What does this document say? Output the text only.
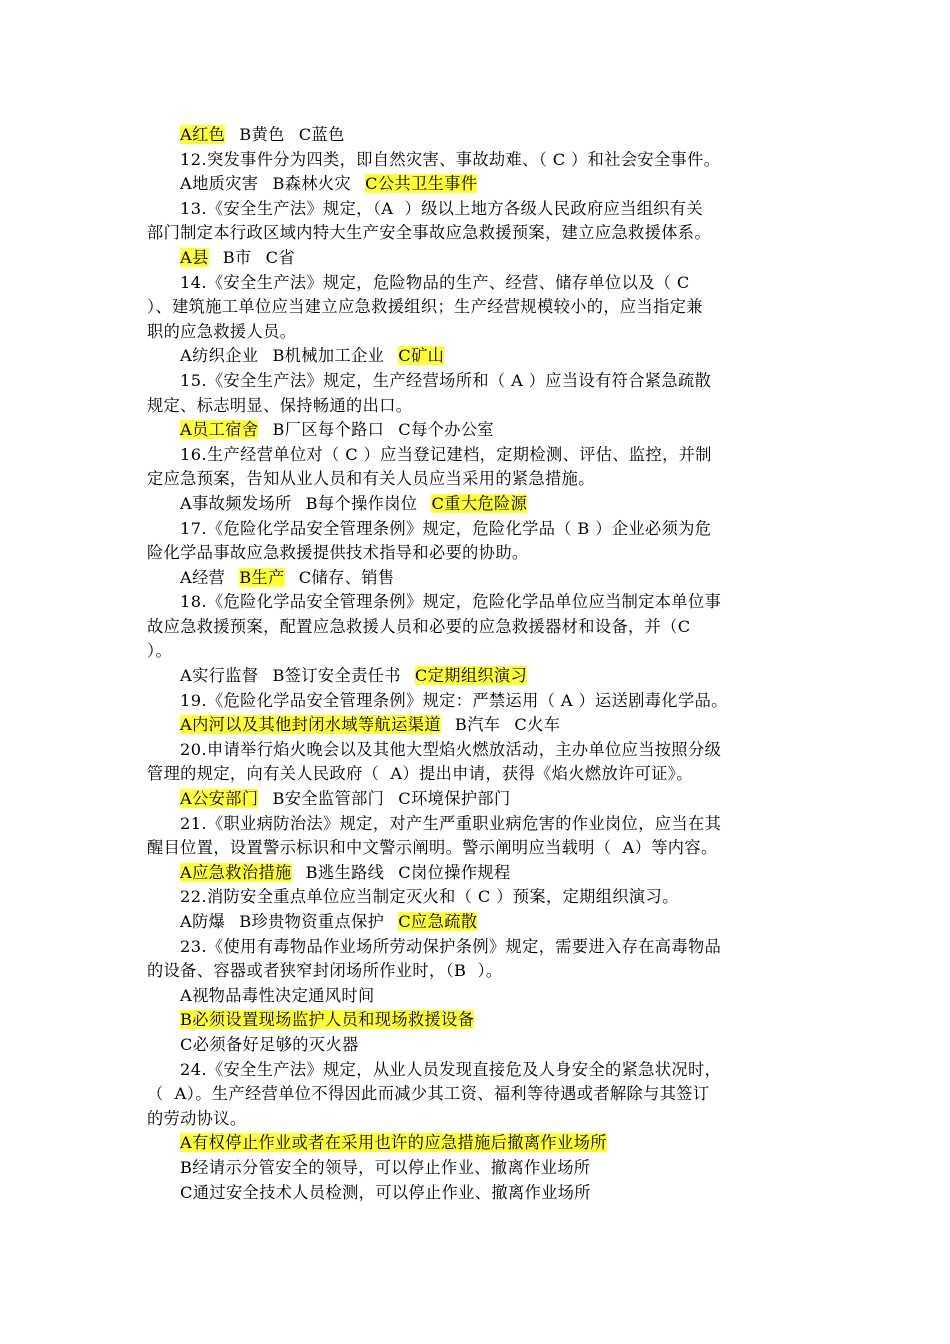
A红色 B黄色 C蓝色
12.突发事件分为四类，即自然灾害、事故劫难、（ C ）和社会安全事件。
A地质灾害 B森林火灾 C公共卫生事件
13.《安全生产法》规定，（A  ）级以上地方各级人民政府应当组织有关
部门制定本行政区域内特大生产安全事故应急救援预案，建立应急救援体系。
A县 B市 C省
14.《安全生产法》规定，危险物品的生产、经营、储存单位以及（ C
）、建筑施工单位应当建立应急救援组织；生产经营规模较小的，应当指定兼
职的应急救援人员。
A纺织企业 B机械加工企业 C矿山
15.《安全生产法》规定，生产经营场所和（ A ）应当设有符合紧急疏散
规定、标志明显、保持畅通的出口。
A员工宿舍 B厂区每个路口 C每个办公室
16.生产经营单位对（ C ）应当登记建档，定期检测、评估、监控，并制
定应急预案，告知从业人员和有关人员应当采用的紧急措施。
A事故频发场所 B每个操作岗位 C重大危险源
17.《危险化学品安全管理条例》规定，危险化学品（ B ）企业必须为危
险化学品事故应急救援提供技术指导和必要的协助。
A经营 B生产 C储存、销售
18.《危险化学品安全管理条例》规定，危险化学品单位应当制定本单位事
故应急救援预案，配置应急救援人员和必要的应急救援器材和设备，并（C
）。
A实行监督 B签订安全责任书 C定期组织演习
19.《危险化学品安全管理条例》规定：严禁运用（ A ）运送剧毒化学品。
A内河以及其他封闭水域等航运渠道 B汽车 C火车
20.申请举行焰火晚会以及其他大型焰火燃放活动，主办单位应当按照分级
管理的规定，向有关人民政府（  A）提出申请，获得《焰火燃放许可证》。
A公安部门 B安全监管部门 C环境保护部门
21.《职业病防治法》规定，对产生严重职业病危害的作业岗位，应当在其
醒目位置，设置警示标识和中文警示阐明。警示阐明应当载明（  A）等内容。
A应急救治措施 B逃生路线 C岗位操作规程
22.消防安全重点单位应当制定灭火和（ C ）预案，定期组织演习。
A防爆 B珍贵物资重点保护 C应急疏散
23.《使用有毒物品作业场所劳动保护条例》规定，需要进入存在高毒物品
的设备、容器或者狭窄封闭场所作业时，（B  ）。
A视物品毒性决定通风时间
B必须设置现场监护人员和现场救援设备
C必须备好足够的灭火器
24.《安全生产法》规定，从业人员发现直接危及人身安全的紧急状况时，
（  A）。生产经营单位不得因此而减少其工资、福利等待遇或者解除与其签订
的劳动协议。
A有权停止作业或者在采用也许的应急措施后撤离作业场所
B经请示分管安全的领导，可以停止作业、撤离作业场所
C通过安全技术人员检测，可以停止作业、撤离作业场所
